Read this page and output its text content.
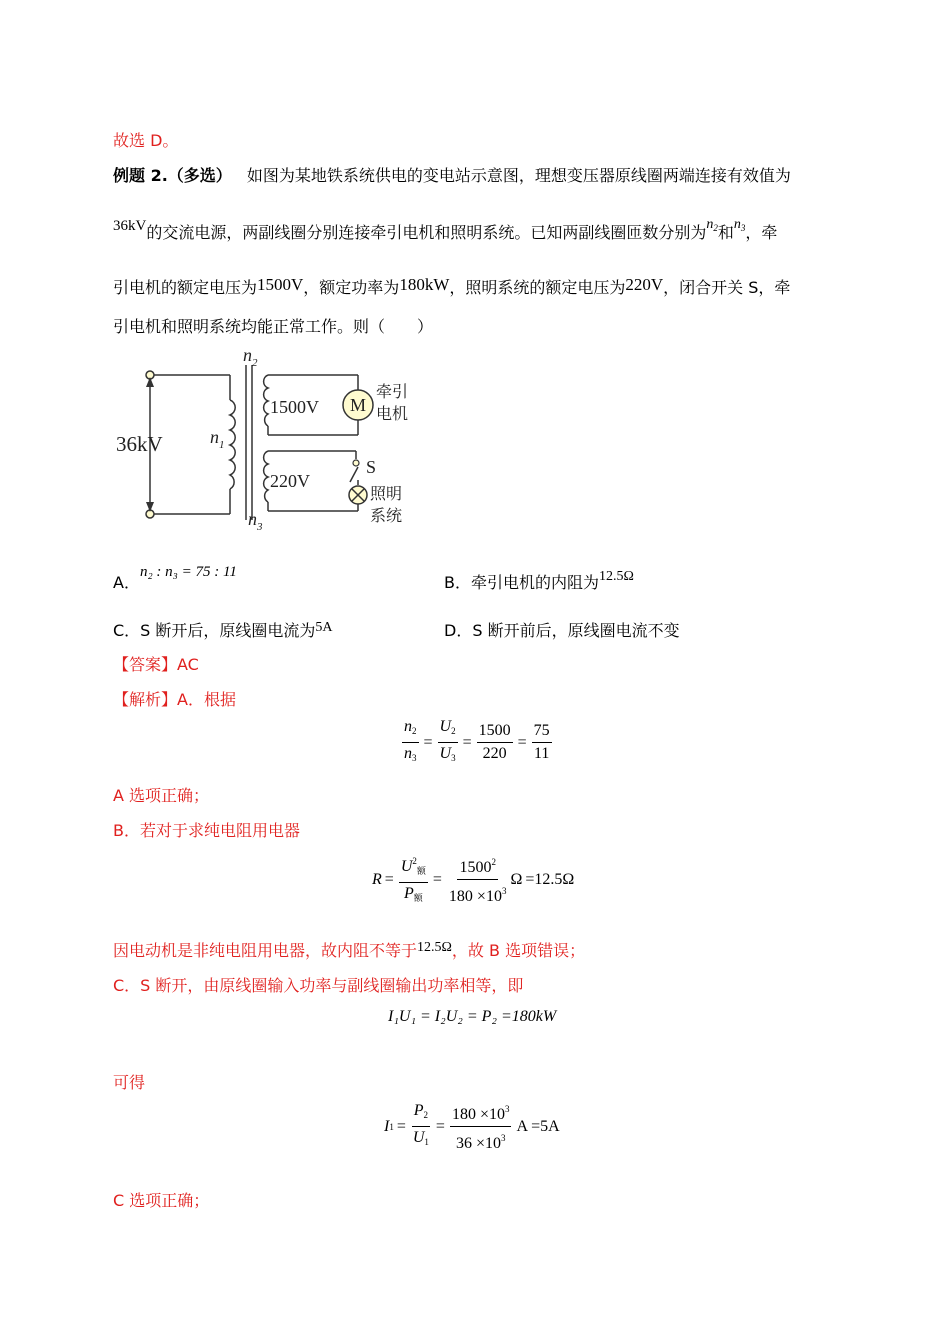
故选 D。
例题 2.（多选） 如图为某地铁系统供电的变电站示意图，理想变压器原线圈两端连接有效值为
36kV的交流电源，两副线圈分别连接牵引电机和照明系统。已知两副线圈匝数分别为$n_2$和$n_3$，牵
引电机的额定电压为1500V，额定功率为180kW，照明系统的额定电压为220V，闭合开关 S，牵
引电机和照明系统均能正常工作。则（　　）
$n_2$
$n_1$
$n_3$
36kV
1500V
220V
M
S
牵引
电机
照明
系统
A．n₂ : n₃ = 75 : 11
B．牵引电机的内阻为12.5Ω
C．S 断开后，原线圈电流为5A	D．S 断开前后，原线圈电流不变
【答案】AC
【解析】A．根据
$\frac{n_2}{n_3} = \frac{U_2}{U_3} = \frac{1500}{220} = \frac{75}{11}$
A 选项正确；
B．若对于求纯电阻用电器
$R = \frac{U^2_额}{P_额} = \frac{1500^2}{180 \times 10^3}$ Ω =12.5Ω
因电动机是非纯电阻用电器，故内阻不等于12.5Ω，故 B 选项错误；
C．S 断开，由原线圈输入功率与副线圈输出功率相等，即
I₁U₁ = I₂U₂ = P₂ =180kW
可得
I $1 = \frac{P_2}{U_1} = \frac{180 \times 10^3}{36 \times 10^3}$ A =5A
C 选项正确；
